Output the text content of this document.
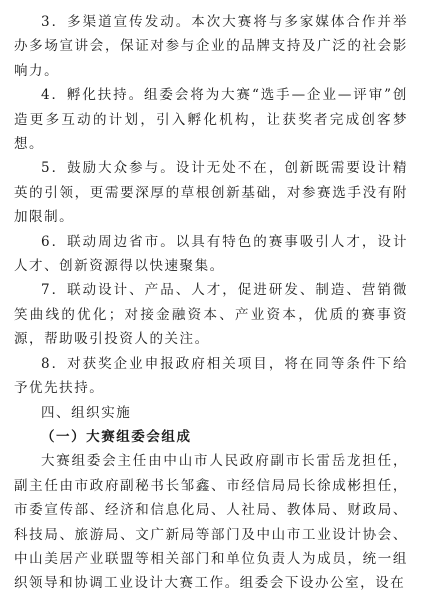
3．多渠道宣传发动。本次大赛将与多家媒体合作并举办多场宣讲会，保证对参与企业的品牌支持及广泛的社会影响力。

4．孵化扶持。组委会将为大赛“选手—企业—评审”创造更多互动的计划，引入孵化机构，让获奖者完成创客梦想。

5．鼓励大众参与。设计无处不在，创新既需要设计精英的引领，更需要深厚的草根创新基础，对参赛选手没有附加限制。

6．联动周边省市。以具有特色的赛事吸引人才，设计人才、创新资源得以快速聚集。

7．联动设计、产品、人才，促进研发、制造、营销微笑曲线的优化；对接金融资本、产业资本，优质的赛事资源，帮助吸引投资人的关注。

8．对获奖企业申报政府相关项目，将在同等条件下给予优先扶持。

四、组织实施
（一）大赛组委会组成

大赛组委会主任由中山市人民政府副市长雷岳龙担任，副主任由市政府副秘书长邹鑫、市经信局局长徐成彬担任，市委宣传部、经济和信息化局、人社局、教体局、财政局、科技局、旅游局、文广新局等部门及中山市工业设计协会、中山美居产业联盟等相关部门和单位负责人为成员，统一组织领导和协调工业设计大赛工作。组委会下设办公室，设在
